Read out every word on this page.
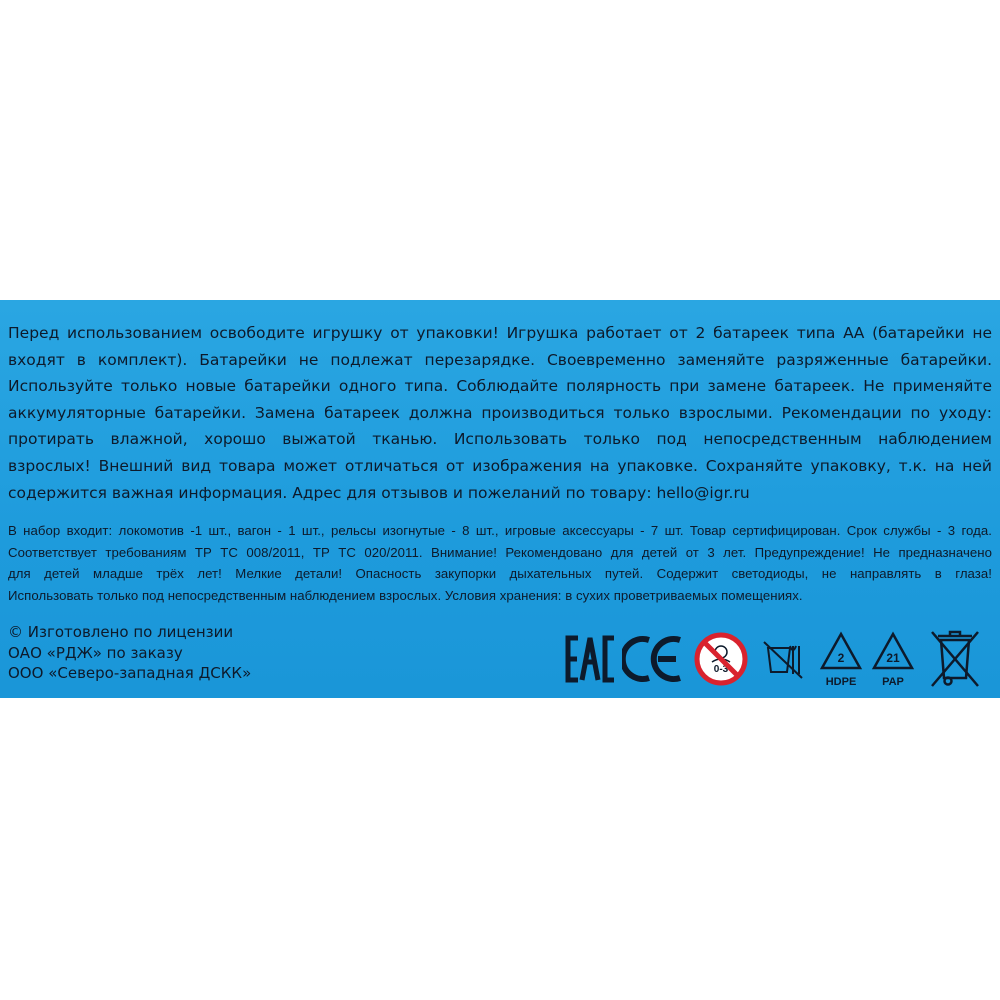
Перед использованием освободите игрушку от упаковки! Игрушка работает от 2 батареек типа АА (батарейки не
входят в комплект). Батарейки не подлежат перезарядке. Своевременно заменяйте разряженные батарейки.
Используйте только новые батарейки одного типа. Соблюдайте полярность при замене батареек. Не применяйте
аккумуляторные батарейки. Замена батареек должна производиться только взрослыми. Рекомендации по уходу:
протирать влажной, хорошо выжатой тканью. Использовать только под непосредственным наблюдением
взрослых! Внешний вид товара может отличаться от изображения на упаковке. Сохраняйте упаковку, т.к. на ней
содержится важная информация. Адрес для отзывов и пожеланий по товару: hello@igr.ru
В набор входит: локомотив -1 шт., вагон - 1 шт., рельсы изогнутые - 8 шт., игровые аксессуары - 7 шт. Товар сертифицирован. Срок службы - 3 года.
Соответствует требованиям ТР ТС 008/2011, ТР ТС 020/2011. Внимание! Рекомендовано для детей от 3 лет. Предупреждение! Не предназначено
для детей младше трёх лет! Мелкие детали! Опасность закупорки дыхательных путей. Содержит светодиоды, не направлять в глаза!
Использовать только под непосредственным наблюдением взрослых. Условия хранения: в сухих проветриваемых помещениях.
© Изготовлено по лицензии
ОАО «РДЖ» по заказу
ООО «Северо-западная ДСКК»	0-3
2
HDPE
21
PAP
